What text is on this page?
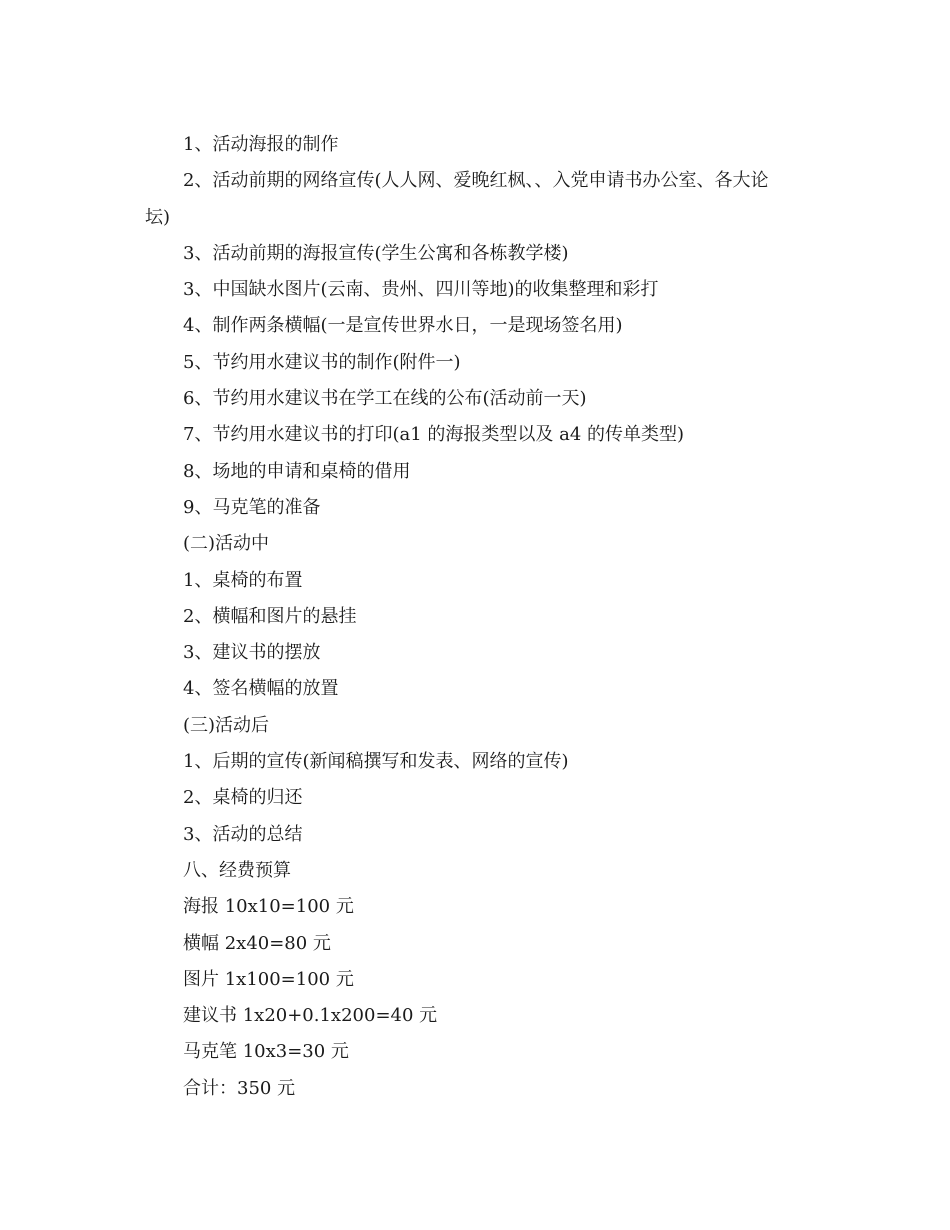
1、活动海报的制作

2、活动前期的网络宣传(人人网、爱晚红枫、、入党申请书办公室、各大论

坛)

3、活动前期的海报宣传(学生公寓和各栋教学楼)

3、中国缺水图片(云南、贵州、四川等地)的收集整理和彩打

4、制作两条横幅(一是宣传世界水日，一是现场签名用)

5、节约用水建议书的制作(附件一)

6、节约用水建议书在学工在线的公布(活动前一天)

7、节约用水建议书的打印(a1 的海报类型以及 a4 的传单类型)

8、场地的申请和桌椅的借用

9、马克笔的准备

(二)活动中

1、桌椅的布置

2、横幅和图片的悬挂

3、建议书的摆放

4、签名横幅的放置

(三)活动后

1、后期的宣传(新闻稿撰写和发表、网络的宣传)

2、桌椅的归还

3、活动的总结

八、经费预算

海报 10x10=100 元

横幅 2x40=80 元

图片 1x100=100 元

建议书 1x20+0.1x200=40 元

马克笔 10x3=30 元

合计：350 元
